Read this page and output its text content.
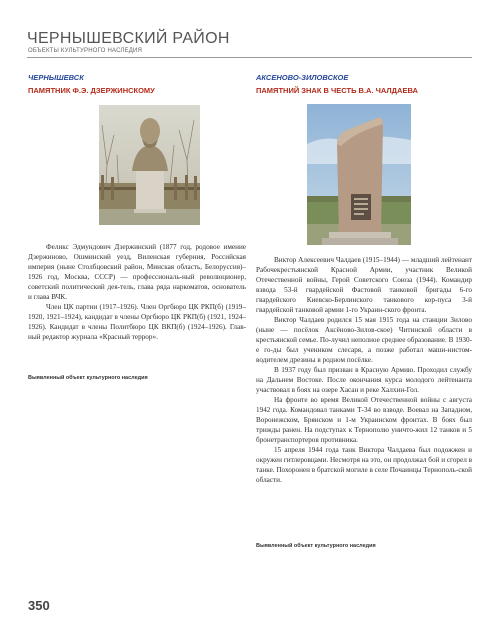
ЧЕРНЫШЕВСКИЙ РАЙОН
ОБЪЕКТЫ КУЛЬТУРНОГО НАСЛЕДИЯ
ЧЕРНЫШЕВСК
ПАМЯТНИК Ф.Э. ДЗЕРЖИНСКОМУ

Феликс Эдмундович Дзержинский (1877 год, родовое имение Дзержиново, Ошминский уезд, Виленская губерния, Российская империя (ныне Столбцовский район, Минская область, Белорусcия)–1926 год, Москва, СССР) — профессиональ-ный революционер, советский политический дея-тель, глава ряда наркоматов, основатель и глава ВЧК.

Член ЦК партии (1917–1926). Член Оргбюро ЦК РКП(б) (1919–1920, 1921–1924), кандидат в члены Оргбюро ЦК РКП(б) (1921, 1924–1926). Кандидат в члены Политбюро ЦК ВКП(б) (1924–1926). Глав-ный редактор журнала «Красный террор».

Выявленный объект культурного наследия
АКСЕНОВО-ЗИЛОВСКОЕ
ПАМЯТНИЙ ЗНАК В ЧЕСТЬ В.А. ЧАЛДАЕВА

Виктор Алексеевич Чалдаев (1915–1944) — младший лейтенант Рабочекрестьянской Красной Армии, участник Великой Отечественной войны, Герой Советского Союза (1944). Командир взвода 53-й гвардейской Фастовой танковой бригады 6-го гвардейского Киевско-Берлинского танкового кор-пуса 3-й гвардейской танковой армии 1-го Украин-ского фронта.

Виктор Чалдаев родился 15 мая 1915 года на станции Зилово (ныне — посёлок Аксёново-Зилов-ское) Читинской области в крестьянской семье. По-лучил неполное среднее образование. В 1930-е го-ды был учеником слесаря, а позже работал маши-нистом-водителем дрезины в родном посёлке.

В 1937 году был призван в Красную Армию. Проходил службу на Дальнем Востоке. После окончания курса молодого лейтенанта участвовал в боях на озере Хасан и реке Халхин-Гол.

На фронте во время Великой Отечественной войны с августа 1942 года. Командовал танками Т-34 во взводе. Воевал на Западном, Воронежском, Брянском и 1-м Украинском фронтах. В боях был трижды ранен. На подступах к Тернополю уничто-жил 12 танков и 5 бронетранспортеров противника.

15 апреля 1944 года танк Виктора Чалдаева был подожжен и окружен гитлеровцами. Несмотря на это, он продолжал бой и сгорел в танке. Похоронен в братской могиле в селе Почаинцы Тернополь-ской области.

Выявленный объект культурного наследия
350
